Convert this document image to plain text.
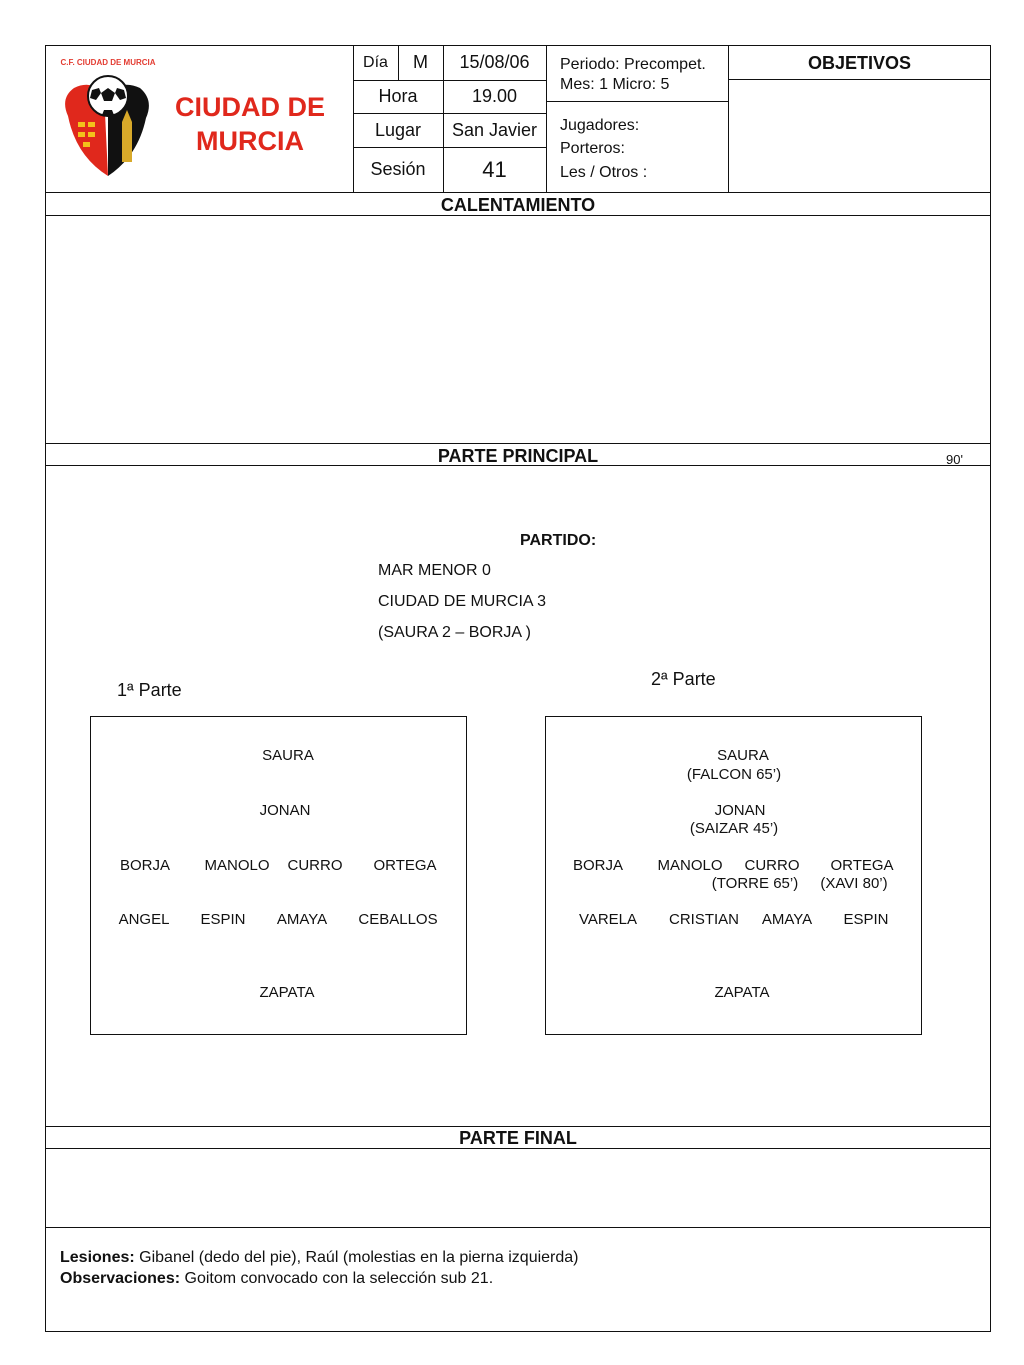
C.F. CIUDAD DE MURCIA
CIUDAD DE
MURCIA
Día	M	15/08/06
Hora	19.00
Lugar	San Javier
Sesión	41
Periodo: Precompet.
Mes: 1 Micro: 5
Jugadores:
Porteros:
Les / Otros :
OBJETIVOS
CALENTAMIENTO
PARTE PRINCIPAL	90'
PARTIDO:
MAR MENOR 0
CIUDAD DE MURCIA 3
(SAURA 2 – BORJA )
1ª Parte
SAURA
JONAN
BORJA MANOLO CURRO ORTEGA
ANGEL ESPIN AMAYA CEBALLOS
ZAPATA
2ª Parte
SAURA
(FALCON 65’)
JONAN
(SAIZAR 45’)
BORJA MANOLO CURRO ORTEGA
(TORRE 65’) (XAVI 80’)
VARELA CRISTIAN AMAYA ESPIN
ZAPATA
PARTE FINAL
Lesiones: Gibanel (dedo del pie), Raúl (molestias en la pierna izquierda)
Observaciones: Goitom convocado con la selección sub 21.
